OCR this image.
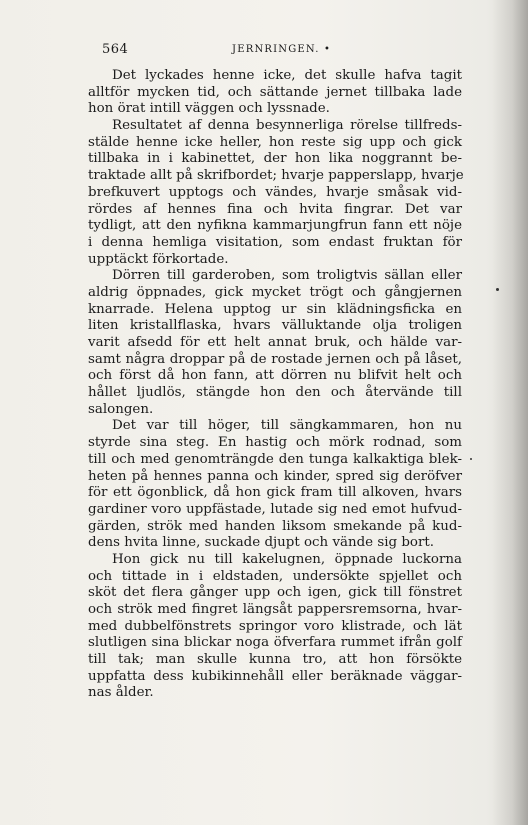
564	JERNRINGEN. •
Det lyckades henne icke, det skulle hafva tagit
alltför mycken tid, och sättande jernet tillbaka lade
hon örat intill väggen och lyssnade.
Resultatet af denna besynnerliga rörelse tillfreds-
stälde henne icke heller, hon reste sig upp och gick
tillbaka in i kabinettet, der hon lika noggrannt be-
traktade allt på skrifbordet; hvarje papperslapp, hvarje
brefkuvert upptogs och vändes, hvarje småsak vid-
rördes af hennes fina och hvita fingrar. Det var
tydligt, att den nyfikna kammarjungfrun fann ett nöje
i denna hemliga visitation, som endast fruktan för
upptäckt förkortade.
Dörren till garderoben, som troligtvis sällan eller
aldrig öppnades, gick mycket trögt och gångjernen
knarrade. Helena upptog ur sin klädningsficka en
liten kristallflaska, hvars välluktande olja troligen
varit afsedd för ett helt annat bruk, och hälde var-
samt några droppar på de rostade jernen och på låset,
och först då hon fann, att dörren nu blifvit helt och
hållet ljudlös, stängde hon den och återvände till
salongen.
Det var till höger, till sängkammaren, hon nu
styrde sina steg. En hastig och mörk rodnad, som
till och med genomträngde den tunga kalkaktiga blek-
heten på hennes panna och kinder, spred sig deröfver
för ett ögonblick, då hon gick fram till alkoven, hvars
gardiner voro uppfästade, lutade sig ned emot hufvud-
gärden, strök med handen liksom smekande på kud-
dens hvita linne, suckade djupt och vände sig bort.
Hon gick nu till kakelugnen, öppnade luckorna
och tittade in i eldstaden, undersökte spjellet och
sköt det flera gånger upp och igen, gick till fönstret
och strök med fingret längsåt pappersremsorna, hvar-
med dubbelfönstrets springor voro klistrade, och lät
slutligen sina blickar noga öfverfara rummet ifrån golf
till tak; man skulle kunna tro, att hon försökte
uppfatta dess kubikinnehåll eller beräknade väggar-
nas ålder.
